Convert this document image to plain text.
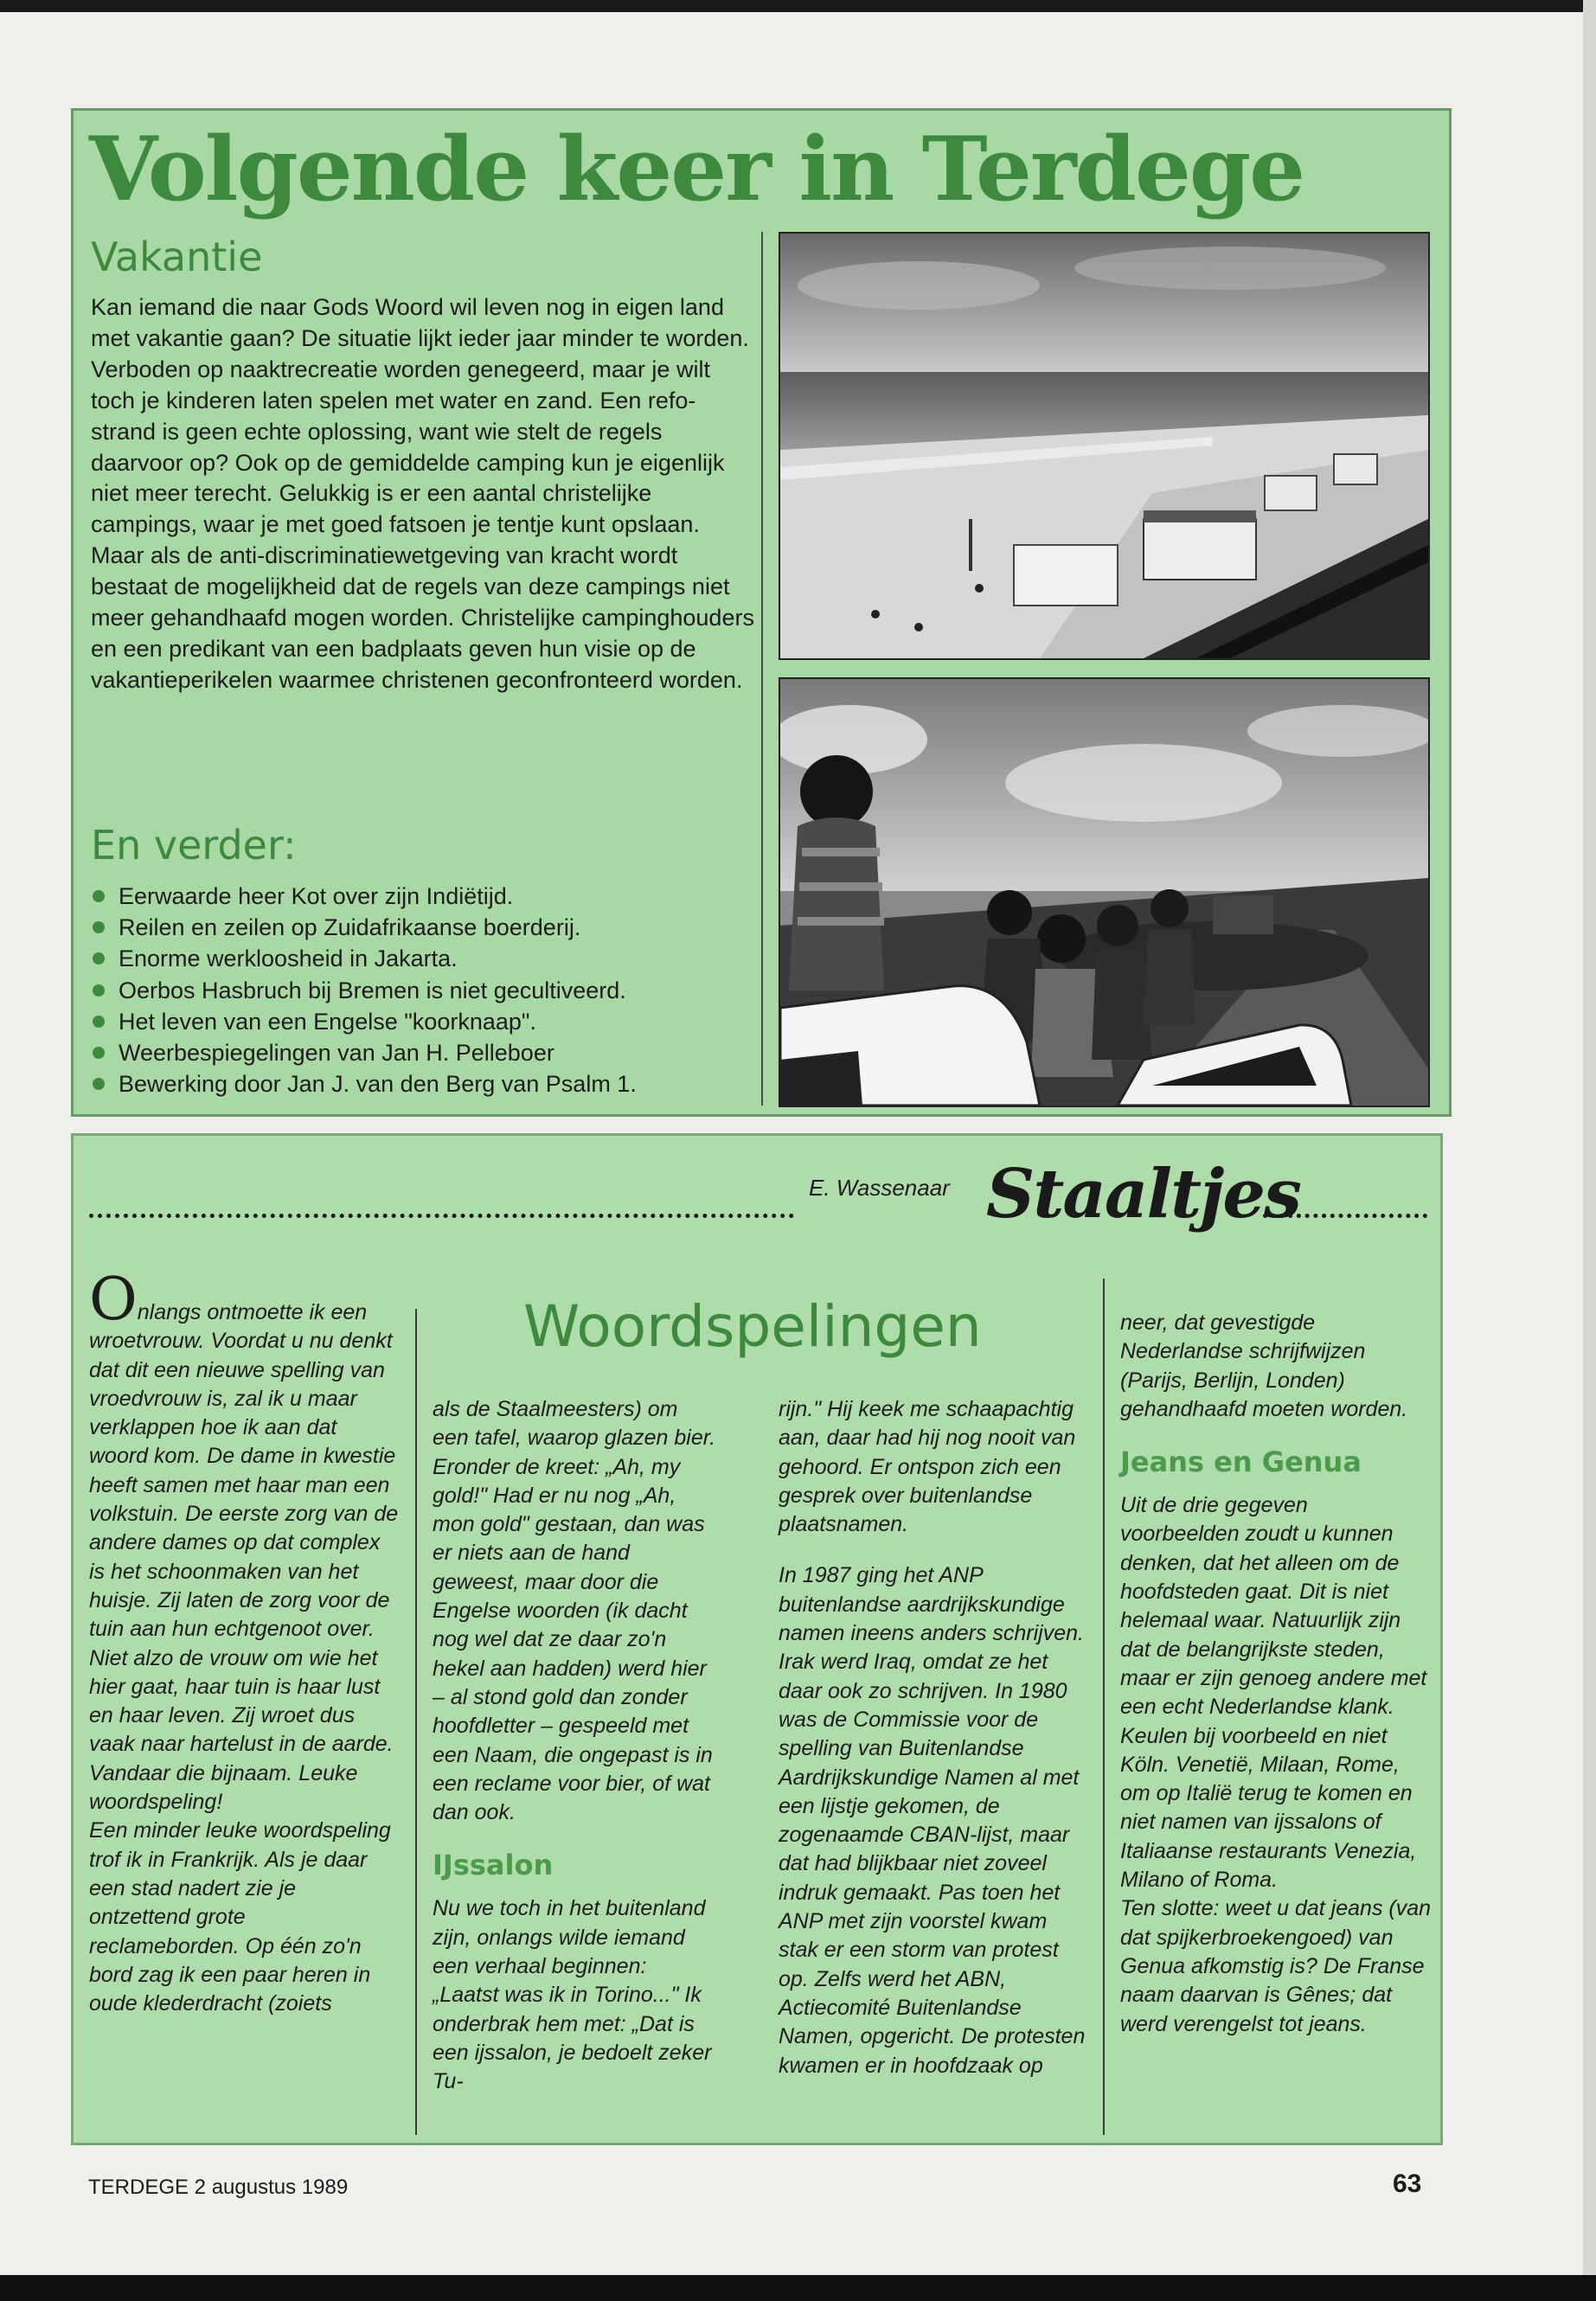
Volgende keer in Terdege
Vakantie

Kan iemand die naar Gods Woord wil leven nog in eigen land met vakantie gaan? De situatie lijkt ieder jaar minder te worden. Verboden op naaktrecreatie worden genegeerd, maar je wilt toch je kinderen laten spelen met water en zand. Een refo-strand is geen echte oplossing, want wie stelt de regels daarvoor op? Ook op de gemiddelde camping kun je eigenlijk niet meer terecht. Gelukkig is er een aantal christelijke campings, waar je met goed fatsoen je tentje kunt opslaan. Maar als de anti-discriminatiewetgeving van kracht wordt bestaat de mogelijkheid dat de regels van deze campings niet meer gehandhaafd mogen worden. Christelijke campinghouders en een predikant van een badplaats geven hun visie op de vakantieperikelen waarmee christenen geconfronteerd worden.

En verder:
Eerwaarde heer Kot over zijn Indiëtijd.
Reilen en zeilen op Zuidafrikaanse boerderij.
Enorme werkloosheid in Jakarta.
Oerbos Hasbruch bij Bremen is niet gecultiveerd.
Het leven van een Engelse "koorknaap".
Weerbespiegelingen van Jan H. Pelleboer
Bewerking door Jan J. van den Berg van Psalm 1.

E. Wassenaar Staaltjes
Woordspelingen

Onlangs ontmoette ik een wroetvrouw. Voordat u nu denkt dat dit een nieuwe spelling van vroedvrouw is, zal ik u maar verklappen hoe ik aan dat woord kom. De dame in kwestie heeft samen met haar man een volkstuin. De eerste zorg van de andere dames op dat complex is het schoonmaken van het huisje. Zij laten de zorg voor de tuin aan hun echtgenoot over.

Niet alzo de vrouw om wie het hier gaat, haar tuin is haar lust en haar leven. Zij wroet dus vaak naar hartelust in de aarde. Vandaar die bijnaam. Leuke woordspeling!

Een minder leuke woordspeling trof ik in Frankrijk. Als je daar een stad nadert zie je ontzettend grote reclameborden. Op één zo'n bord zag ik een paar heren in oude klederdracht (zoiets

als de Staalmeesters) om een tafel, waarop glazen bier. Eronder de kreet: „Ah, my gold!" Had er nu nog „Ah, mon gold" gestaan, dan was er niets aan de hand geweest, maar door die Engelse woorden (ik dacht nog wel dat ze daar zo'n hekel aan hadden) werd hier – al stond gold dan zonder hoofdletter – gespeeld met een Naam, die ongepast is in een reclame voor bier, of wat dan ook.

IJssalon

Nu we toch in het buitenland zijn, onlangs wilde iemand een verhaal beginnen: „Laatst was ik in Torino..." Ik onderbrak hem met: „Dat is een ijssalon, je bedoelt zeker Tu-

rijn." Hij keek me schaapachtig aan, daar had hij nog nooit van gehoord. Er ontspon zich een gesprek over buitenlandse plaatsnamen.

In 1987 ging het ANP buitenlandse aardrijkskundige namen ineens anders schrijven. Irak werd Iraq, omdat ze het daar ook zo schrijven. In 1980 was de Commissie voor de spelling van Buitenlandse Aardrijkskundige Namen al met een lijstje gekomen, de zogenaamde CBAN-lijst, maar dat had blijkbaar niet zoveel indruk gemaakt. Pas toen het ANP met zijn voorstel kwam stak er een storm van protest op. Zelfs werd het ABN, Actiecomité Buitenlandse Namen, opgericht. De protesten kwamen er in hoofdzaak op

neer, dat gevestigde Nederlandse schrijfwijzen (Parijs, Berlijn, Londen) gehandhaafd moeten worden.

Jeans en Genua

Uit de drie gegeven voorbeelden zoudt u kunnen denken, dat het alleen om de hoofdsteden gaat. Dit is niet helemaal waar. Natuurlijk zijn dat de belangrijkste steden, maar er zijn genoeg andere met een echt Nederlandse klank. Keulen bij voorbeeld en niet Köln. Venetië, Milaan, Rome, om op Italië terug te komen en niet namen van ijssalons of Italiaanse restaurants Venezia, Milano of Roma.

Ten slotte: weet u dat jeans (van dat spijkerbroekengoed) van Genua afkomstig is? De Franse naam daarvan is Gênes; dat werd verengelst tot jeans.

TERDEGE 2 augustus 1989	63
